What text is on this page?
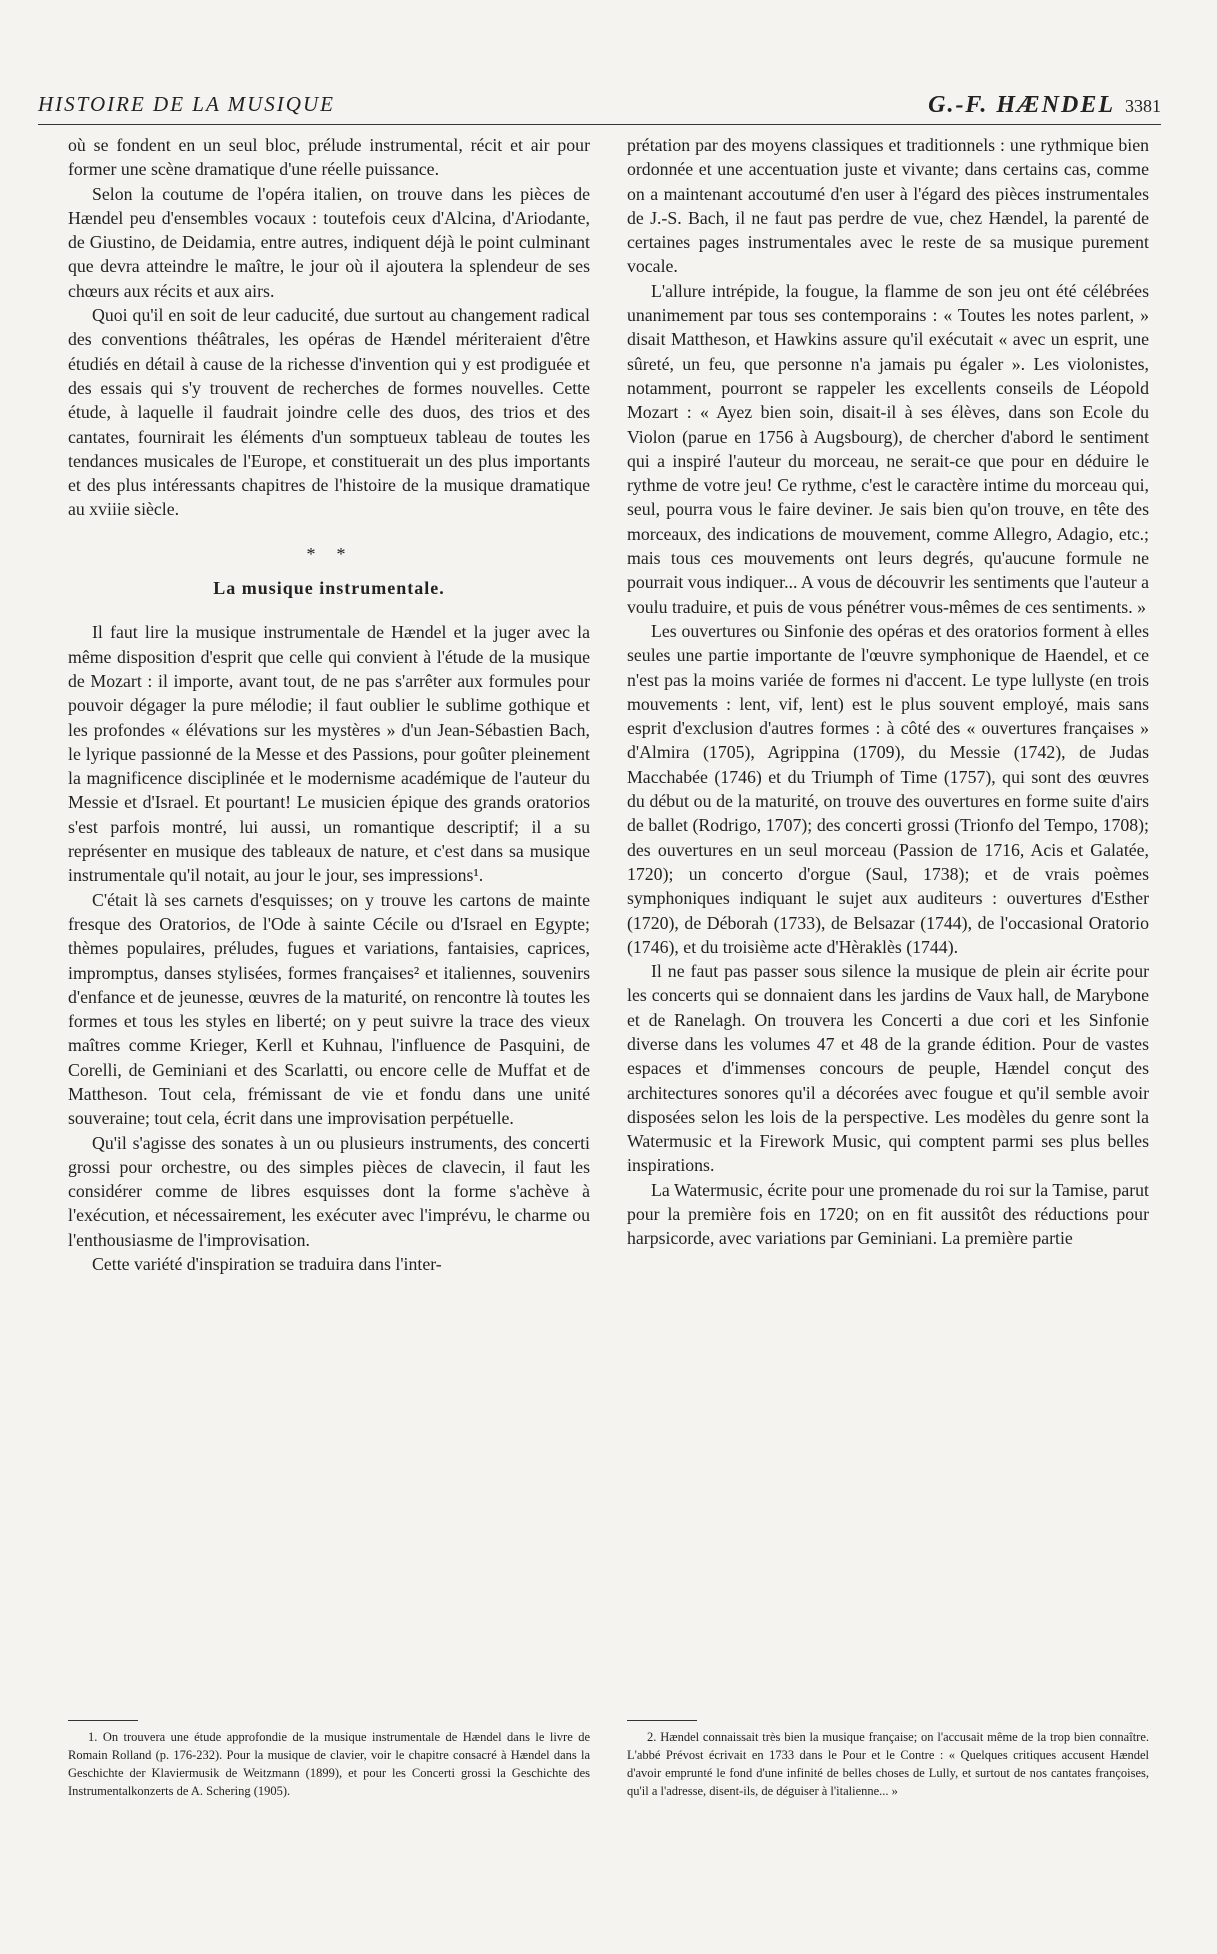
HISTOIRE DE LA MUSIQUE	G.-F. HÆNDEL 3381

où se fondent en un seul bloc, prélude instrumental, récit et air pour former une scène dramatique d'une réelle puissance.

Selon la coutume de l'opéra italien, on trouve dans les pièces de Hændel peu d'ensembles vocaux : toutefois ceux d'Alcina, d'Ariodante, de Giustino, de Deidamia, entre autres, indiquent déjà le point culminant que devra atteindre le maître, le jour où il ajoutera la splendeur de ses chœurs aux récits et aux airs.

Quoi qu'il en soit de leur caducité, due surtout au changement radical des conventions théâtrales, les opéras de Hændel mériteraient d'être étudiés en détail à cause de la richesse d'invention qui y est prodiguée et des essais qui s'y trouvent de recherches de formes nouvelles. Cette étude, à laquelle il faudrait joindre celle des duos, des trios et des cantates, fournirait les éléments d'un somptueux tableau de toutes les tendances musicales de l'Europe, et constituerait un des plus importants et des plus intéressants chapitres de l'histoire de la musique dramatique au xviiie siècle.

* *
La musique instrumentale.

Il faut lire la musique instrumentale de Hændel et la juger avec la même disposition d'esprit que celle qui convient à l'étude de la musique de Mozart : il importe, avant tout, de ne pas s'arrêter aux formules pour pouvoir dégager la pure mélodie; il faut oublier le sublime gothique et les profondes « élévations sur les mystères » d'un Jean-Sébastien Bach, le lyrique passionné de la Messe et des Passions, pour goûter pleinement la magnificence disciplinée et le modernisme académique de l'auteur du Messie et d'Israel. Et pourtant! Le musicien épique des grands oratorios s'est parfois montré, lui aussi, un romantique descriptif; il a su représenter en musique des tableaux de nature, et c'est dans sa musique instrumentale qu'il notait, au jour le jour, ses impressions¹.

C'était là ses carnets d'esquisses; on y trouve les cartons de mainte fresque des Oratorios, de l'Ode à sainte Cécile ou d'Israel en Egypte; thèmes populaires, préludes, fugues et variations, fantaisies, caprices, impromptus, danses stylisées, formes françaises² et italiennes, souvenirs d'enfance et de jeunesse, œuvres de la maturité, on rencontre là toutes les formes et tous les styles en liberté; on y peut suivre la trace des vieux maîtres comme Krieger, Kerll et Kuhnau, l'influence de Pasquini, de Corelli, de Geminiani et des Scarlatti, ou encore celle de Muffat et de Mattheson. Tout cela, frémissant de vie et fondu dans une unité souveraine; tout cela, écrit dans une improvisation perpétuelle.

Qu'il s'agisse des sonates à un ou plusieurs instruments, des concerti grossi pour orchestre, ou des simples pièces de clavecin, il faut les considérer comme de libres esquisses dont la forme s'achève à l'exécution, et nécessairement, les exécuter avec l'imprévu, le charme ou l'enthousiasme de l'improvisation.

Cette variété d'inspiration se traduira dans l'inter-

prétation par des moyens classiques et traditionnels : une rythmique bien ordonnée et une accentuation juste et vivante; dans certains cas, comme on a maintenant accoutumé d'en user à l'égard des pièces instrumentales de J.-S. Bach, il ne faut pas perdre de vue, chez Hændel, la parenté de certaines pages instrumentales avec le reste de sa musique purement vocale.

L'allure intrépide, la fougue, la flamme de son jeu ont été célébrées unanimement par tous ses contemporains : « Toutes les notes parlent, » disait Mattheson, et Hawkins assure qu'il exécutait « avec un esprit, une sûreté, un feu, que personne n'a jamais pu égaler ». Les violonistes, notamment, pourront se rappeler les excellents conseils de Léopold Mozart : « Ayez bien soin, disait-il à ses élèves, dans son Ecole du Violon (parue en 1756 à Augsbourg), de chercher d'abord le sentiment qui a inspiré l'auteur du morceau, ne serait-ce que pour en déduire le rythme de votre jeu! Ce rythme, c'est le caractère intime du morceau qui, seul, pourra vous le faire deviner. Je sais bien qu'on trouve, en tête des morceaux, des indications de mouvement, comme Allegro, Adagio, etc.; mais tous ces mouvements ont leurs degrés, qu'aucune formule ne pourrait vous indiquer... A vous de découvrir les sentiments que l'auteur a voulu traduire, et puis de vous pénétrer vous-mêmes de ces sentiments. »

Les ouvertures ou Sinfonie des opéras et des oratorios forment à elles seules une partie importante de l'œuvre symphonique de Haendel, et ce n'est pas la moins variée de formes ni d'accent. Le type lullyste (en trois mouvements : lent, vif, lent) est le plus souvent employé, mais sans esprit d'exclusion d'autres formes : à côté des « ouvertures françaises » d'Almira (1705), Agrippina (1709), du Messie (1742), de Judas Macchabée (1746) et du Triumph of Time (1757), qui sont des œuvres du début ou de la maturité, on trouve des ouvertures en forme suite d'airs de ballet (Rodrigo, 1707); des concerti grossi (Trionfo del Tempo, 1708); des ouvertures en un seul morceau (Passion de 1716, Acis et Galatée, 1720); un concerto d'orgue (Saul, 1738); et de vrais poèmes symphoniques indiquant le sujet aux auditeurs : ouvertures d'Esther (1720), de Déborah (1733), de Belsazar (1744), de l'occasional Oratorio (1746), et du troisième acte d'Hèraklès (1744).

Il ne faut pas passer sous silence la musique de plein air écrite pour les concerts qui se donnaient dans les jardins de Vaux hall, de Marybone et de Ranelagh. On trouvera les Concerti a due cori et les Sinfonie diverse dans les volumes 47 et 48 de la grande édition. Pour de vastes espaces et d'immenses concours de peuple, Hændel conçut des architectures sonores qu'il a décorées avec fougue et qu'il semble avoir disposées selon les lois de la perspective. Les modèles du genre sont la Watermusic et la Firework Music, qui comptent parmi ses plus belles inspirations.

La Watermusic, écrite pour une promenade du roi sur la Tamise, parut pour la première fois en 1720; on en fit aussitôt des réductions pour harpsicorde, avec variations par Geminiani. La première partie

1. On trouvera une étude approfondie de la musique instrumentale de Hændel dans le livre de Romain Rolland (p. 176-232). Pour la musique de clavier, voir le chapitre consacré à Hændel dans la Geschichte der Klaviermusik de Weitzmann (1899), et pour les Concerti grossi la Geschichte des Instrumentalkonzerts de A. Schering (1905).

2. Hændel connaissait très bien la musique française; on l'accusait même de la trop bien connaître. L'abbé Prévost écrivait en 1733 dans le Pour et le Contre : « Quelques critiques accusent Hændel d'avoir emprunté le fond d'une infinité de belles choses de Lully, et surtout de nos cantates françoises, qu'il a l'adresse, disent-ils, de déguiser à l'italienne... »
